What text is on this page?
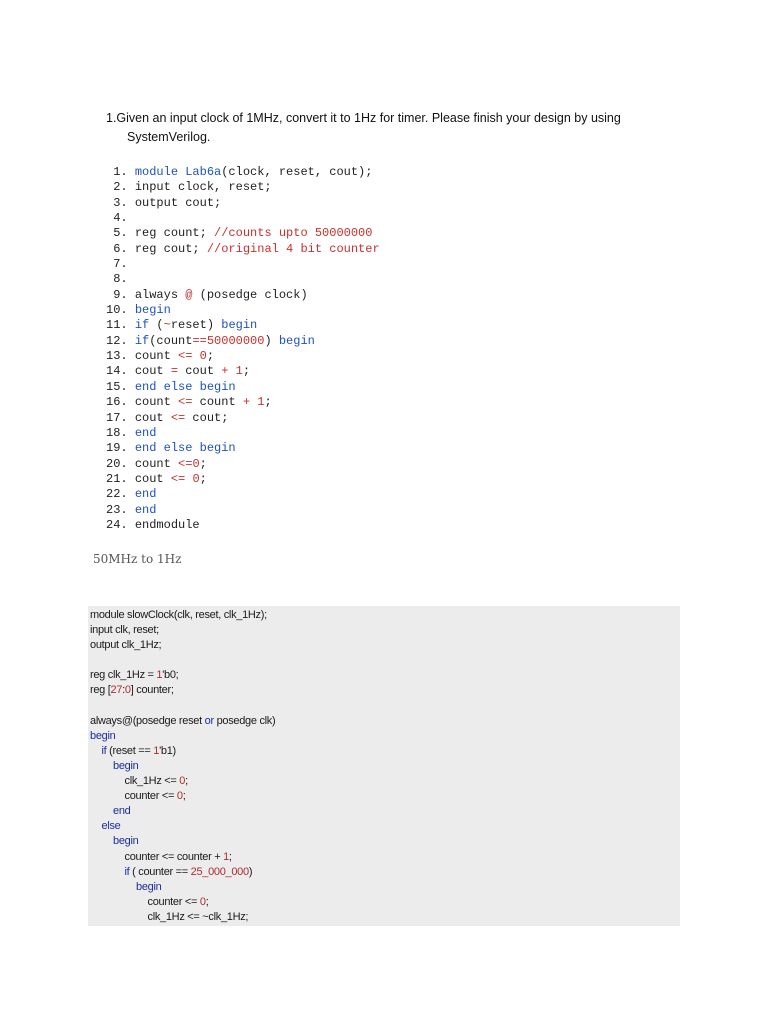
1.Given an input clock of 1MHz, convert it to 1Hz for timer. Please finish your design by using
SystemVerilog.
1. module Lab6a(clock, reset, cout);
2. input clock, reset;
3. output cout;
4.
5. reg count; //counts upto 50000000
6. reg cout; //original 4 bit counter
7.
8.
9. always @ (posedge clock)
10. begin
11. if (~reset) begin
12. if(count==50000000) begin
13. count <= 0;
14. cout = cout + 1;
15. end else begin
16. count <= count + 1;
17. cout <= cout;
18. end
19. end else begin
20. count <=0;
21. cout <= 0;
22. end
23. end
24. endmodule
50MHz to 1Hz
module slowClock(clk, reset, clk_1Hz);
input clk, reset;
output clk_1Hz;
reg clk_1Hz = 1'b0;
reg [27:0] counter;
always@(posedge reset or posedge clk)
begin
if (reset == 1'b1)
begin
clk_1Hz <= 0;
counter <= 0;
end
else
begin
counter <= counter + 1;
if ( counter == 25_000_000)
begin
counter <= 0;
clk_1Hz <= ~clk_1Hz;
